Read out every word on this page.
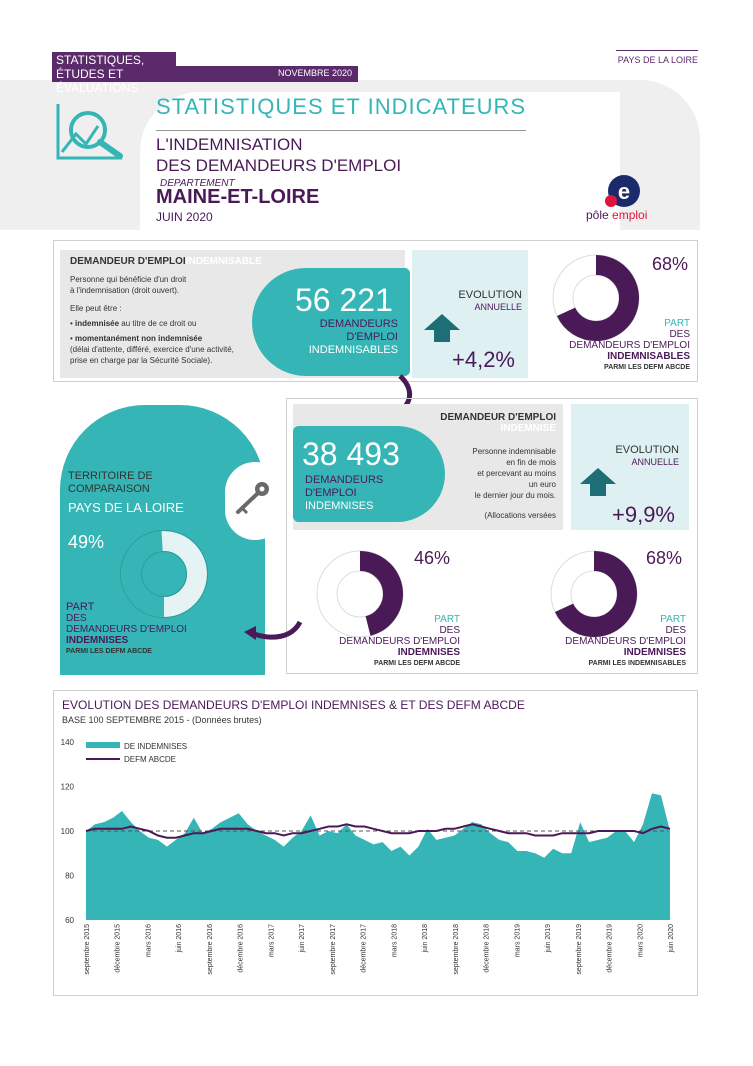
STATISTIQUES,
ÉTUDES ET ÉVALUATIONS
NOVEMBRE 2020
PAYS DE LA LOIRE
STATISTIQUES ET INDICATEURS
L'INDEMNISATION
DES DEMANDEURS D'EMPLOI
DEPARTEMENT
MAINE-ET-LOIRE
JUIN 2020
e
pôle emploi
DEMANDEUR D'EMPLOIINDEMNISABLE
Personne qui bénéficie d'un droit
à l'indemnisation (droit ouvert).
Elle peut être :
• indemnisée au titre de ce droit ou
• momentanément non indemnisée
(délai d'attente, différé, exercice d'une activité,
prise en charge par la Sécurité Sociale).
56 221
DEMANDEURS
D'EMPLOI
INDEMNISABLES
EVOLUTION
ANNUELLE
+4,2%
68%
PART
DES
DEMANDEURS D'EMPLOI
INDEMNISABLES
PARMI LES DEFM ABCDE
38 493
DEMANDEURS
D'EMPLOI
INDEMNISES
DEMANDEUR D'EMPLOI
INDEMNISE
Personne indemnisable
en fin de mois
et percevant au moins
un euro
le dernier jour du mois.
(Allocations versées
EVOLUTION
ANNUELLE
+9,9%
46%
PART
DES
DEMANDEURS D'EMPLOI
INDEMNISES
PARMI LES DEFM ABCDE
68%
PART
DES
DEMANDEURS D'EMPLOI
INDEMNISES
PARMI LES INDEMNISABLES
TERRITOIRE DE
COMPARAISON
PAYS DE LA LOIRE
49%
PART
DES
DEMANDEURS D'EMPLOI
INDEMNISES
PARMI LES DEFM ABCDE
EVOLUTION DES DEMANDEURS D'EMPLOI INDEMNISES & ET DES DEFM ABCDE
BASE 100 SEPTEMBRE 2015 - (Données brutes)
60
80
100
120
140
septembre 2015	décembre 2015	mars 2016	juin 2016	septembre 2016	décembre 2016	mars 2017	juin 2017	septembre 2017	décembre 2017	mars 2018	juin 2018	septembre 2018	décembre 2018	mars 2019	juin 2019	septembre 2019	décembre 2019	mars 2020	juin 2020
DE INDEMNISES
DEFM ABCDE
